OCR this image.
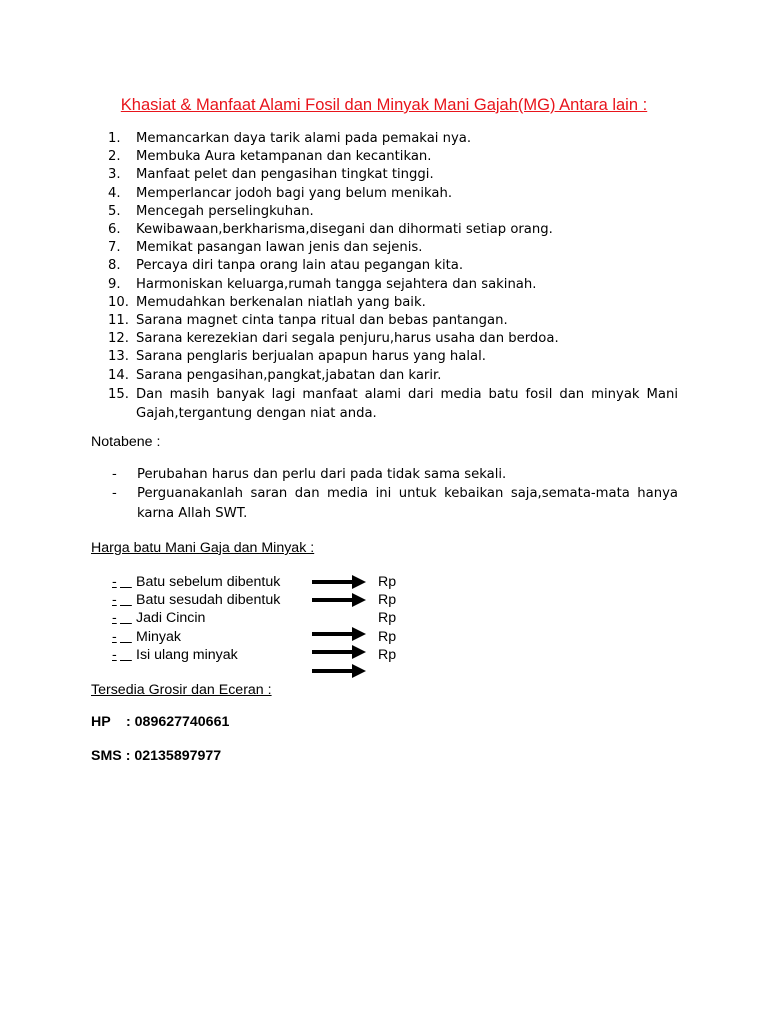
Khasiat & Manfaat Alami Fosil dan Minyak Mani Gajah(MG) Antara lain :
1.	Memancarkan daya tarik alami pada pemakai nya.
2.	Membuka Aura ketampanan dan kecantikan.
3.	Manfaat pelet dan pengasihan tingkat tinggi.
4.	Memperlancar jodoh bagi yang belum menikah.
5.	Mencegah perselingkuhan.
6.	Kewibawaan,berkharisma,disegani dan dihormati setiap orang.
7.	Memikat pasangan lawan jenis dan sejenis.
8.	Percaya diri tanpa orang lain atau pegangan kita.
9.	Harmoniskan keluarga,rumah tangga sejahtera dan sakinah.
10. Memudahkan berkenalan niatlah yang baik.
11. Sarana magnet cinta tanpa ritual dan bebas pantangan.
12. Sarana kerezekian dari segala penjuru,harus usaha dan berdoa.
13. Sarana penglaris berjualan apapun harus yang halal.
14. Sarana pengasihan,pangkat,jabatan dan karir.
15. Dan masih banyak lagi manfaat alami dari media batu fosil dan minyak Mani Gajah,tergantung dengan niat anda.
Notabene :
- Perubahan harus dan perlu dari pada tidak sama sekali.
- Perguanakanlah saran dan media ini untuk kebaikan saja,semata-mata hanya karna Allah SWT.
Harga batu Mani Gaja dan Minyak :
-
Batu sebelum dibentuk	Rp
-
Batu sesudah dibentuk	Rp
-
Jadi Cincin	Rp
-
Minyak	Rp
-
Isi ulang minyak	Rp
Tersedia Grosir dan Eceran :
HP : 089627740661
SMS : 02135897977
